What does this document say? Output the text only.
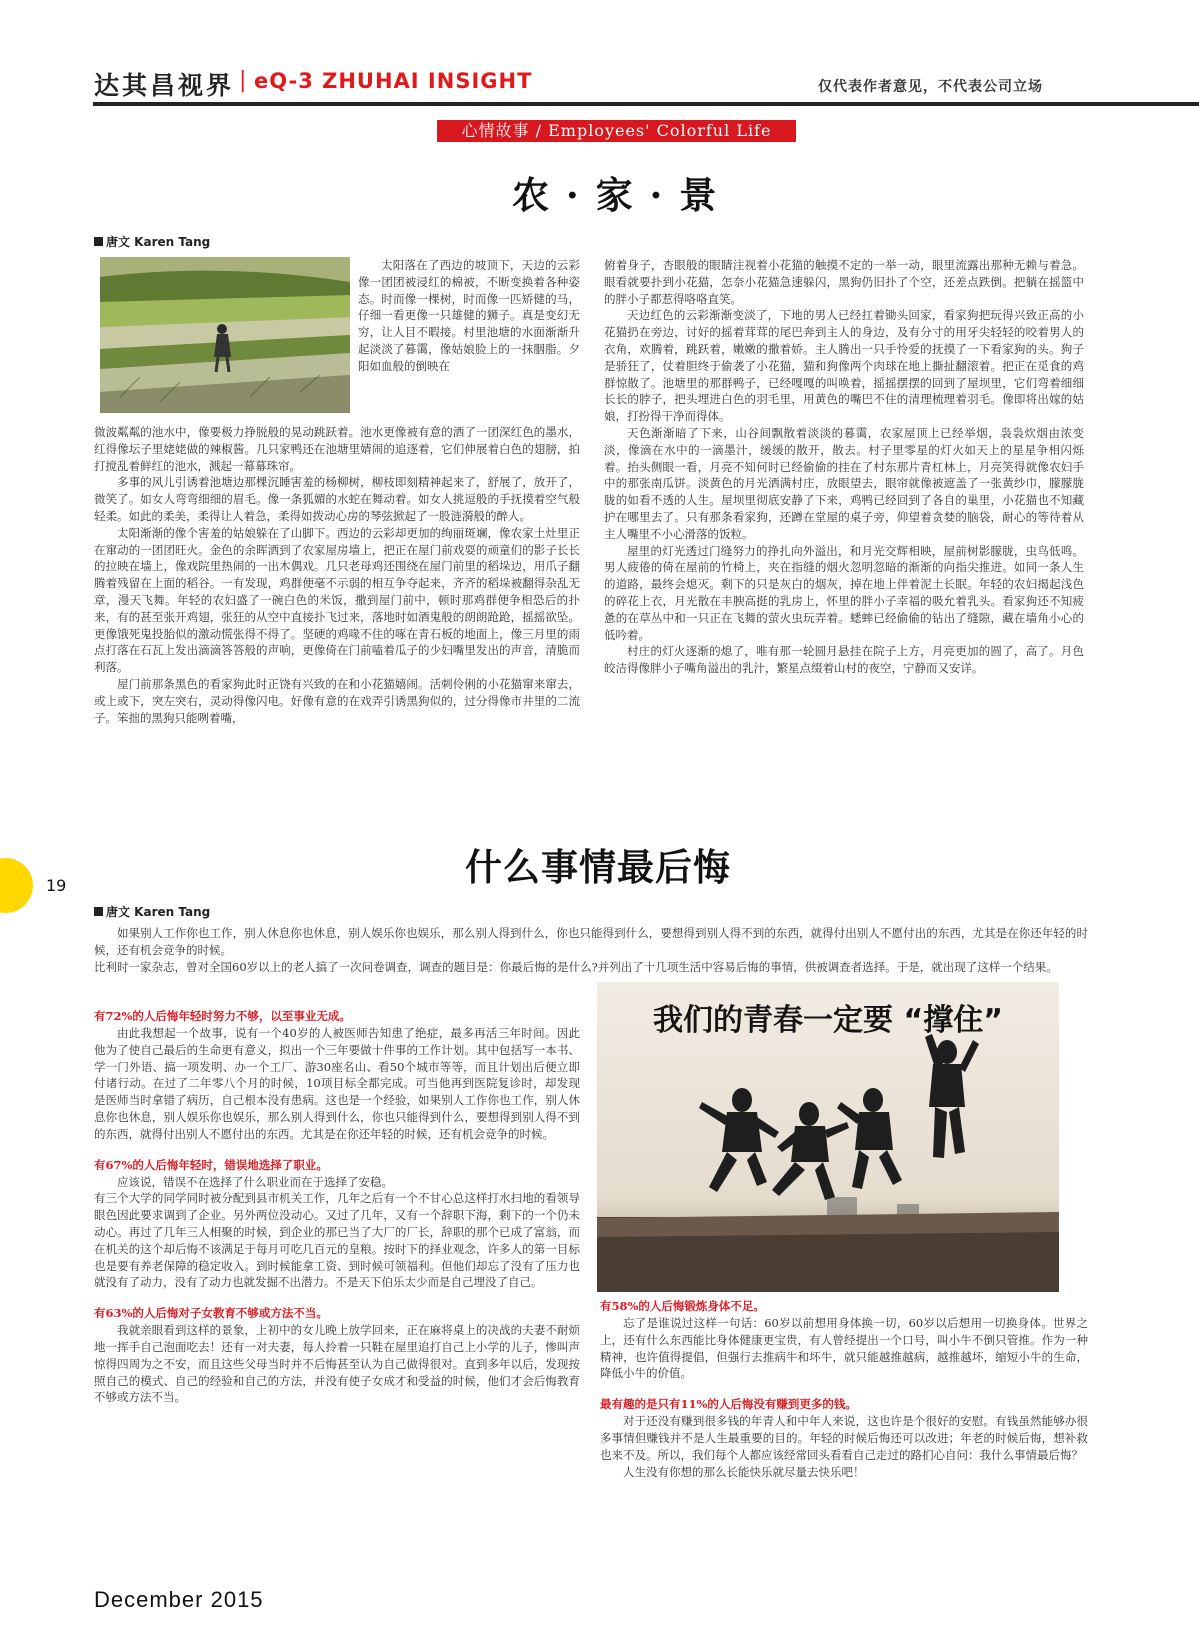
达其昌视界 | eQ-3 ZHUHAI INSIGHT	仅代表作者意见，不代表公司立场
心情故事 / Employees' Colorful Life
农 · 家 · 景
唐文 Karen Tang

太阳落在了西边的坡顶下，天边的云彩像一团团被浸红的棉被，不断变换着各种姿态。时而像一棵树，时而像一匹矫健的马，仔细一看更像一只雄健的狮子。真是变幻无穷，让人目不暇接。村里池塘的水面渐渐升起淡淡了暮霭，像姑娘脸上的一抹胭脂。夕阳如血般的倒映在

微波粼粼的池水中，像要极力挣脱般的晃动跳跃着。池水更像被有意的洒了一团深红色的墨水，红得像坛子里姥姥做的辣椒酱。几只家鸭还在池塘里婧闹的追逐着，它们伸展着白色的翅膀，拍打搅乱着鲜红的池水，溅起一幕幕珠帘。

多事的风儿引诱着池塘边那棵沉睡害羞的杨柳树，柳枝即刻精神起来了，舒展了，放开了，微笑了。如女人弯弯细细的眉毛。像一条狐媚的水蛇在舞动着。如女人挑逗般的手抚摸着空气般轻柔。如此的柔美，柔得让人着急，柔得如拨动心房的琴弦掀起了一股涟漪般的醉人。

太阳渐渐的像个害羞的姑娘躲在了山脚下。西边的云彩却更加的绚丽斑斓，像农家土灶里正在窜动的一团团旺火。金色的余晖洒到了农家屋房墙上，把正在屋门前戏耍的顽童们的影子长长的拉映在墙上，像戏院里热闹的一出木偶戏。几只老母鸡还围绕在屋门前里的稻垛边，用爪子翻腾着残留在上面的稻谷。一有发现，鸡群便毫不示弱的相互争夺起来，齐齐的稻垛被翻得杂乱无章，漫天飞舞。年轻的农妇盛了一碗白色的米饭，撒到屋门前中，顿时那鸡群便争相恐后的扑来，有的甚至张开鸡翅，张狂的从空中直接扑飞过来，落地时如酒鬼般的朗朗跄跄，摇摇欲坠。更像饿死鬼投胎似的激动慌张得不得了。坚硬的鸡喙不住的啄在青石板的地面上，像三月里的雨点打落在石瓦上发出滴滴答答般的声响，更像倚在门前嗑着瓜子的少妇嘴里发出的声音，清脆而利落。

屋门前那条黑色的看家狗此时正饶有兴致的在和小花猫嬉闹。活刺伶俐的小花猫窜来窜去，或上或下，突左突右，灵动得像闪电。好像有意的在戏弄引诱黑狗似的，过分得像市井里的二流子。笨拙的黑狗只能咧着嘴，

俯着身子，杏眼般的眼睛注视着小花猫的触摸不定的一举一动，眼里流露出那种无赖与着急。眼看就要扑到小花猫，怎奈小花猫急速躲闪，黑狗仍旧扑了个空，还差点跌倒。把躺在摇篮中的胖小子都惹得咯咯直笑。

天边红色的云彩渐渐变淡了，下地的男人已经扛着锄头回家，看家狗把玩得兴致正高的小花猫扔在旁边，讨好的摇着茸茸的尾巴奔到主人的身边，及有分寸的用牙尖轻轻的咬着男人的衣角，欢腾着，跳跃着，嫩嫩的撒着娇。主人腾出一只手怜爱的抚摸了一下看家狗的头。狗子是骄狂了，仗着胆终于偷袭了小花猫，猫和狗像两个肉球在地上撕扯翻滚着。把正在觅食的鸡群惊散了。池塘里的那群鸭子，已经嘎嘎的叫唤着，摇摇摆摆的回到了屋坝里，它们弯着细细长长的脖子，把头埋进白色的羽毛里，用黄色的嘴巴不住的清理梳理着羽毛。像即将出嫁的姑娘，打扮得干净而得体。

天色渐渐暗了下来，山谷间飘散着淡淡的暮霭，农家屋顶上已经举烟，袅袅炊烟由浓变淡，像滴在水中的一滴墨汁，缓缓的散开，散去。村子里零星的灯火如天上的星星争相闪烁着。抬头侧眼一看，月亮不知何时已经偷偷的挂在了村东那片青杠林上，月亮笑得就像农妇手中的那张南瓜饼。淡黄色的月光洒满村庄，放眼望去，眼帘就像被遮盖了一张黄纱巾，朦朦胧胧的如看不透的人生。屋坝里彻底安静了下来，鸡鸭已经回到了各自的巢里，小花猫也不知藏护在哪里去了。只有那条看家狗，还蹲在堂屋的桌子旁，仰望着贪婪的脑袋，耐心的等待着从主人嘴里不小心滑落的饭粒。

屋里的灯光透过门缝努力的挣扎向外溢出，和月光交辉相映，屋前树影朦胧，虫鸟低鸣。男人疲倦的倚在屋前的竹椅上，夹在指缝的烟火忽明忽暗的渐渐的向指尖推进。如同一条人生的道路，最终会熄灭。剩下的只是灰白的烟灰，掉在地上伴着泥土长眠。年轻的农妇揭起浅色的碎花上衣，月光散在丰腴高挺的乳房上，怀里的胖小子幸福的吸允着乳头。看家狗还不知疲惫的在草丛中和一只正在飞舞的萤火虫玩弄着。蟋蟀已经偷偷的钻出了缝隙，藏在墙角小心的低吟着。

村庄的灯火逐渐的熄了，唯有那一轮圆月悬挂在院子上方，月亮更加的圆了，高了。月色皎洁得像胖小子嘴角溢出的乳汁，繁星点缀着山村的夜空，宁静而又安详。

19	什么事情最后悔
唐文 Karen Tang

如果别人工作你也工作，别人休息你也休息，别人娱乐你也娱乐，那么别人得到什么，你也只能得到什么，要想得到别人得不到的东西，就得付出别人不愿付出的东西，尤其是在你还年轻的时候，还有机会竞争的时候。

比利时一家杂志，曾对全国60岁以上的老人搞了一次问卷调查，调查的题目是：你最后悔的是什么?并列出了十几项生活中容易后悔的事情，供被调查者选择。于是，就出现了这样一个结果。

有72%的人后悔年轻时努力不够，以至事业无成。

由此我想起一个故事，说有一个40岁的人被医师告知患了绝症，最多再活三年时间。因此他为了使自己最后的生命更有意义，拟出一个三年要做十件事的工作计划。其中包括写一本书、学一门外语、搞一项发明、办一个工厂、游30座名山、看50个城市等等，而且计划出后便立即付诸行动。在过了二年零八个月的时候，10项目标全都完成。可当他再到医院复诊时，却发现是医师当时拿错了病历，自己根本没有患病。这也是一个经验，如果别人工作你也工作，别人休息你也休息，别人娱乐你也娱乐，那么别人得到什么，你也只能得到什么，要想得到别人得不到的东西，就得付出别人不愿付出的东西。尤其是在你还年轻的时候，还有机会竞争的时候。

有67%的人后悔年轻时，错误地选择了职业。

应该说，错误不在选择了什么职业而在于选择了安稳。

有三个大学的同学同时被分配到县市机关工作，几年之后有一个不甘心总这样打水扫地的看领导眼色因此要求调到了企业。另外两位没动心。又过了几年，又有一个辞职下海，剩下的一个仍未动心。再过了几年三人相聚的时候，到企业的那已当了大厂的厂长，辞职的那个已成了富翁，而在机关的这个却后悔不该满足于每月可吃几百元的皇粮。按时下的择业观念，许多人的第一目标也是要有养老保障的稳定收入。到时候能拿工资、到时候可领福利。但他们却忘了没有了压力也就没有了动力，没有了动力也就发掘不出潜力。不是天下伯乐太少而是自己埋没了自己。

有63%的人后悔对子女教育不够或方法不当。

我就亲眼看到这样的景象，上初中的女儿晚上放学回来，正在麻将桌上的决战的夫妻不耐烦地一挥手自己泡面吃去！还有一对夫妻，每人拎着一只鞋在屋里追打自己上小学的儿子，惨叫声惊得四周为之不安，而且这些父母当时并不后悔甚至认为自己做得很对。直到多年以后，发现按照自己的模式、自己的经验和自己的方法，并没有使子女成才和受益的时候，他们才会后悔教育不够或方法不当。

我们的青春一定要 “撑住”

有58%的人后悔锻炼身体不足。

忘了是谁说过这样一句话：60岁以前想用身体换一切，60岁以后想用一切换身体。世界之上，还有什么东西能比身体健康更宝贵，有人曾经提出一个口号，叫小牛不倒只管推。作为一种精神，也许值得提倡，但强行去推病牛和坏牛，就只能越推越病，越推越坏，缩短小牛的生命，降低小牛的价值。

最有趣的是只有11%的人后悔没有赚到更多的钱。

对于还没有赚到很多钱的年青人和中年人来说，这也许是个很好的安慰。有钱虽然能够办很多事情但赚钱并不是人生最重要的目的。年轻的时候后悔还可以改进；年老的时候后悔，想补救也来不及。所以，我们每个人都应该经常回头看看自己走过的路扪心自问：我什么事情最后悔？

人生没有你想的那么长能快乐就尽量去快乐吧！

December 2015
